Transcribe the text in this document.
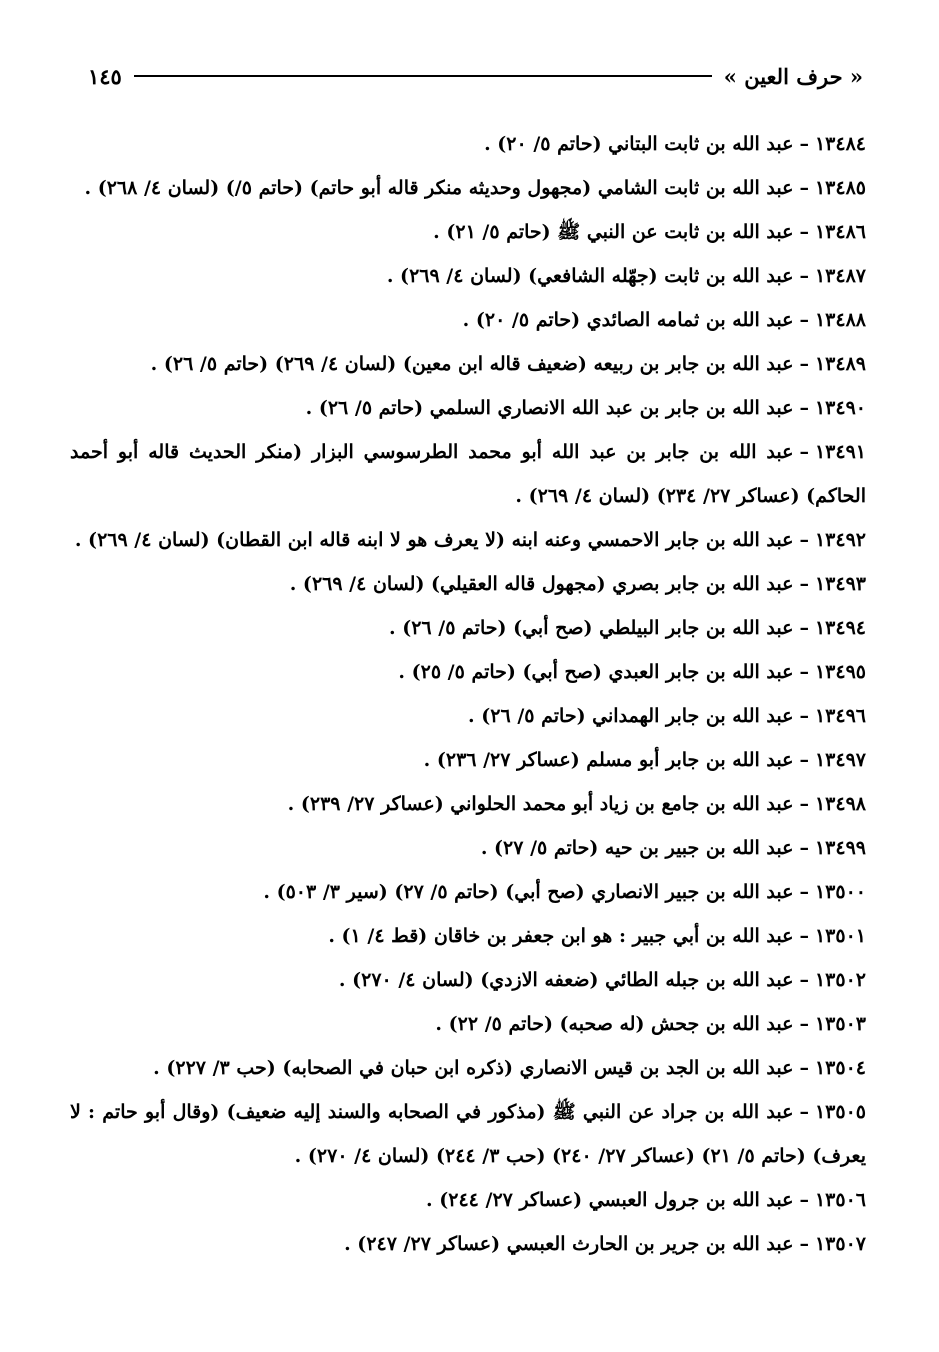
« حرف العين »
١٤٥
١٣٤٨٤–عبد الله بن ثابت البتاني (حاتم ٥/ ٢٠) .
١٣٤٨٥–عبد الله بن ثابت الشامي (مجهول وحديثه منكر قاله أبو حاتم) (حاتم ٥/) (لسان ٤/ ٢٦٨) .
١٣٤٨٦–عبد الله بن ثابت عن النبي ﷺ (حاتم ٥/ ٢١) .
١٣٤٨٧–عبد الله بن ثابت (جهّله الشافعي) (لسان ٤/ ٢٦٩) .
١٣٤٨٨–عبد الله بن ثمامه الصائدي (حاتم ٥/ ٢٠) .
١٣٤٨٩–عبد الله بن جابر بن ربيعه (ضعيف قاله ابن معين) (لسان ٤/ ٢٦٩) (حاتم ٥/ ٢٦) .
١٣٤٩٠–عبد الله بن جابر بن عبد الله الانصاري السلمي (حاتم ٥/ ٢٦) .
١٣٤٩١–عبد الله بن جابر بن عبد الله أبو محمد الطرسوسي البزار (منكر الحديث قاله أبو أحمد الحاكم) (عساكر ٢٧/ ٢٣٤) (لسان ٤/ ٢٦٩) .
١٣٤٩٢–عبد الله بن جابر الاحمسي وعنه ابنه (لا يعرف هو لا ابنه قاله ابن القطان) (لسان ٤/ ٢٦٩) .
١٣٤٩٣–عبد الله بن جابر بصري (مجهول قاله العقيلي) (لسان ٤/ ٢٦٩) .
١٣٤٩٤–عبد الله بن جابر البيلطي (صح أبي) (حاتم ٥/ ٢٦) .
١٣٤٩٥–عبد الله بن جابر العبدي (صح أبي) (حاتم ٥/ ٢٥) .
١٣٤٩٦–عبد الله بن جابر الهمداني (حاتم ٥/ ٢٦) .
١٣٤٩٧–عبد الله بن جابر أبو مسلم (عساكر ٢٧/ ٢٣٦) .
١٣٤٩٨–عبد الله بن جامع بن زياد أبو محمد الحلواني (عساكر ٢٧/ ٢٣٩) .
١٣٤٩٩–عبد الله بن جبير بن حيه (حاتم ٥/ ٢٧) .
١٣٥٠٠–عبد الله بن جبير الانصاري (صح أبي) (حاتم ٥/ ٢٧) (سير ٣/ ٥٠٣) .
١٣٥٠١–عبد الله بن أبي جبير : هو ابن جعفر بن خاقان (قط ٤/ ١) .
١٣٥٠٢–عبد الله بن جبله الطائي (ضعفه الازدي) (لسان ٤/ ٢٧٠) .
١٣٥٠٣–عبد الله بن جحش (له صحبه) (حاتم ٥/ ٢٢) .
١٣٥٠٤–عبد الله بن الجد بن قيس الانصاري (ذكره ابن حبان في الصحابه) (حب ٣/ ٢٢٧) .
١٣٥٠٥–عبد الله بن جراد عن النبي ﷺ (مذكور في الصحابه والسند إليه ضعيف) (وقال أبو حاتم : لا يعرف) (حاتم ٥/ ٢١) (عساكر ٢٧/ ٢٤٠) (حب ٣/ ٢٤٤) (لسان ٤/ ٢٧٠) .
١٣٥٠٦–عبد الله بن جرول العبسي (عساكر ٢٧/ ٢٤٤) .
١٣٥٠٧–عبد الله بن جرير بن الحارث العبسي (عساكر ٢٧/ ٢٤٧) .
